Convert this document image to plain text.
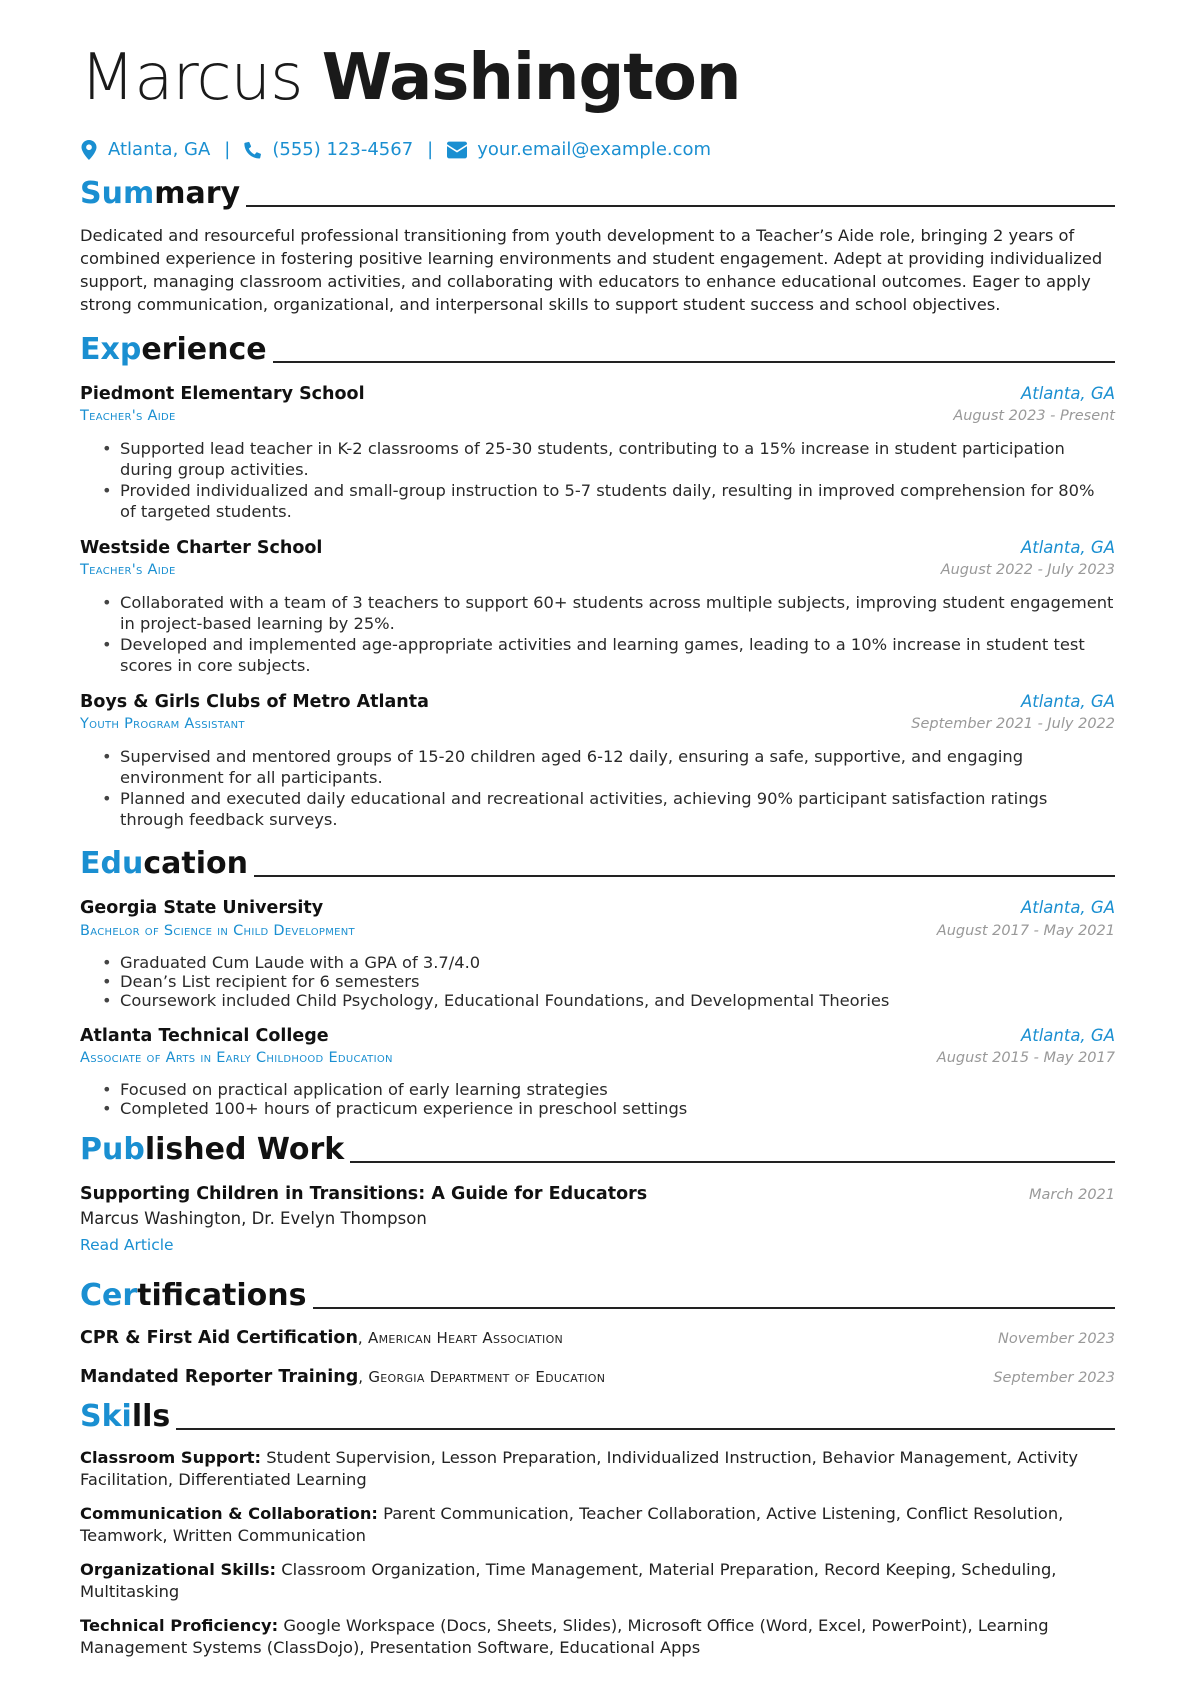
Marcus Washington
Atlanta, GA | (555) 123-4567 | your.email@example.com
Summary

Dedicated and resourceful professional transitioning from youth development to a Teacher’s Aide role, bringing 2 years of combined experience in fostering positive learning environments and student engagement. Adept at providing individualized support, managing classroom activities, and collaborating with educators to enhance educational outcomes. Eager to apply strong communication, organizational, and interpersonal skills to support student success and school objectives.

Experience
Piedmont Elementary School	Atlanta, GA
Teacher's Aide	August 2023 - Present
• Supported lead teacher in K-2 classrooms of 25-30 students, contributing to a 15% increase in student participation during group activities.
• Provided individualized and small-group instruction to 5-7 students daily, resulting in improved comprehension for 80% of targeted students.
Westside Charter School	Atlanta, GA
Teacher's Aide	August 2022 - July 2023
• Collaborated with a team of 3 teachers to support 60+ students across multiple subjects, improving student engagement in project-based learning by 25%.
• Developed and implemented age-appropriate activities and learning games, leading to a 10% increase in student test scores in core subjects.
Boys & Girls Clubs of Metro Atlanta	Atlanta, GA
Youth Program Assistant	September 2021 - July 2022
• Supervised and mentored groups of 15-20 children aged 6-12 daily, ensuring a safe, supportive, and engaging environment for all participants.
• Planned and executed daily educational and recreational activities, achieving 90% participant satisfaction ratings through feedback surveys.
Education
Georgia State University	Atlanta, GA
Bachelor of Science in Child Development	August 2017 - May 2021
• Graduated Cum Laude with a GPA of 3.7/4.0
• Dean’s List recipient for 6 semesters
• Coursework included Child Psychology, Educational Foundations, and Developmental Theories
Atlanta Technical College	Atlanta, GA
Associate of Arts in Early Childhood Education	August 2015 - May 2017
• Focused on practical application of early learning strategies
• Completed 100+ hours of practicum experience in preschool settings
Published Work
Supporting Children in Transitions: A Guide for Educators	March 2021
Marcus Washington, Dr. Evelyn Thompson
Read Article
Certifications
CPR & First Aid Certification, American Heart Association	November 2023
Mandated Reporter Training, Georgia Department of Education	September 2023
Skills
Classroom Support: Student Supervision, Lesson Preparation, Individualized Instruction, Behavior Management, Activity Facilitation, Differentiated Learning
Communication & Collaboration: Parent Communication, Teacher Collaboration, Active Listening, Conflict Resolution, Teamwork, Written Communication
Organizational Skills: Classroom Organization, Time Management, Material Preparation, Record Keeping, Scheduling, Multitasking
Technical Proficiency: Google Workspace (Docs, Sheets, Slides), Microsoft Office (Word, Excel, PowerPoint), Learning Management Systems (ClassDojo), Presentation Software, Educational Apps
